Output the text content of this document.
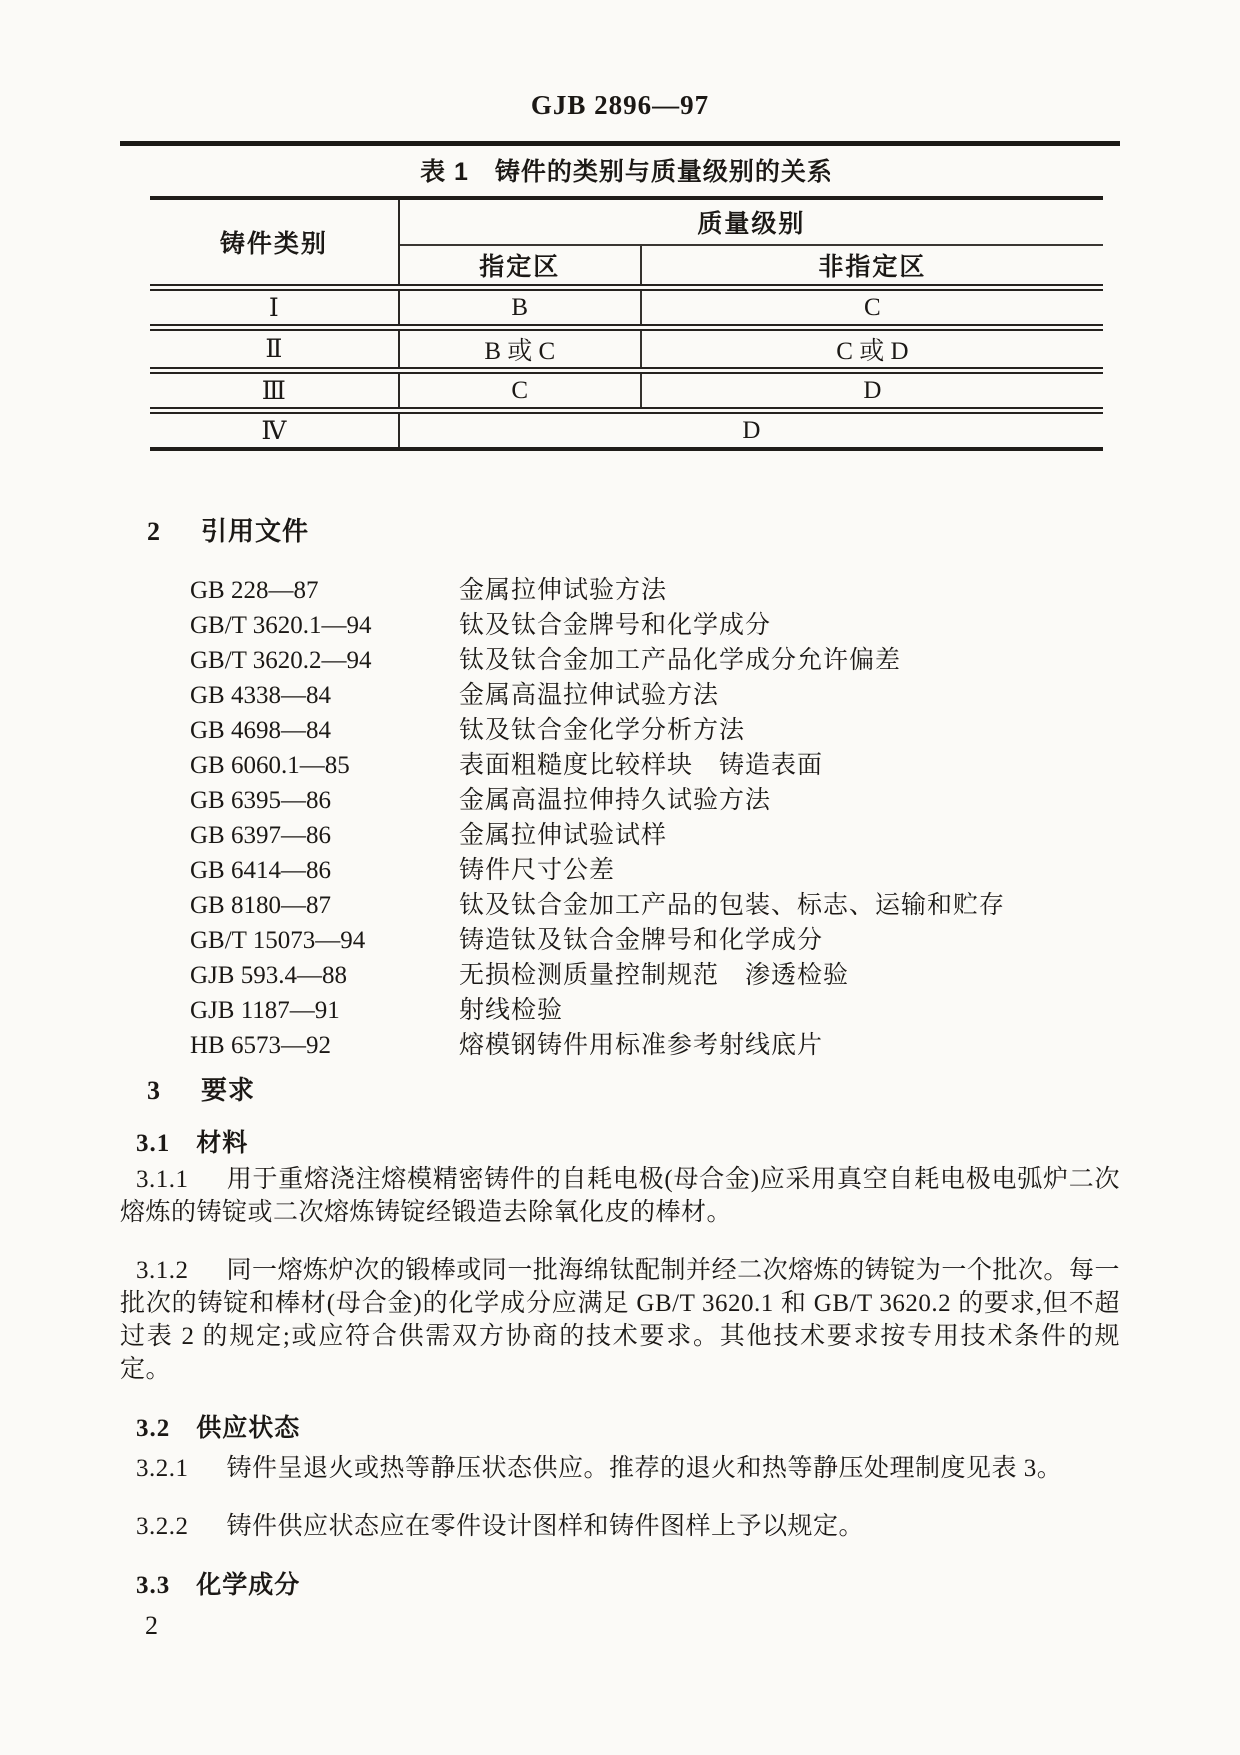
GJB 2896—97
表 1　铸件的类别与质量级别的关系
铸件类别	质量级别	
	指定区	非指定区
Ⅰ	B	C
Ⅱ	B 或 C	C 或 D
Ⅲ	C	D
Ⅳ	D	
2 引用文件
GB 228—87	金属拉伸试验方法
GB/T 3620.1—94	钛及钛合金牌号和化学成分
GB/T 3620.2—94	钛及钛合金加工产品化学成分允许偏差
GB 4338—84	金属高温拉伸试验方法
GB 4698—84	钛及钛合金化学分析方法
GB 6060.1—85	表面粗糙度比较样块　铸造表面
GB 6395—86	金属高温拉伸持久试验方法
GB 6397—86	金属拉伸试验试样
GB 6414—86	铸件尺寸公差
GB 8180—87	钛及钛合金加工产品的包装、标志、运输和贮存
GB/T 15073—94	铸造钛及钛合金牌号和化学成分
GJB 593.4—88	无损检测质量控制规范　渗透检验
GJB 1187—91	射线检验
HB 6573—92	熔模钢铸件用标准参考射线底片
3 要求
3.1 材料

3.1.1 用于重熔浇注熔模精密铸件的自耗电极(母合金)应采用真空自耗电极电弧炉二次熔炼的铸锭或二次熔炼铸锭经锻造去除氧化皮的棒材。

3.1.2 同一熔炼炉次的锻棒或同一批海绵钛配制并经二次熔炼的铸锭为一个批次。每一批次的铸锭和棒材(母合金)的化学成分应满足 GB/T 3620.1 和 GB/T 3620.2 的要求,但不超过表 2 的规定;或应符合供需双方协商的技术要求。其他技术要求按专用技术条件的规定。

3.2 供应状态

3.2.1 铸件呈退火或热等静压状态供应。推荐的退火和热等静压处理制度见表 3。

3.2.2 铸件供应状态应在零件设计图样和铸件图样上予以规定。

3.3 化学成分
2
